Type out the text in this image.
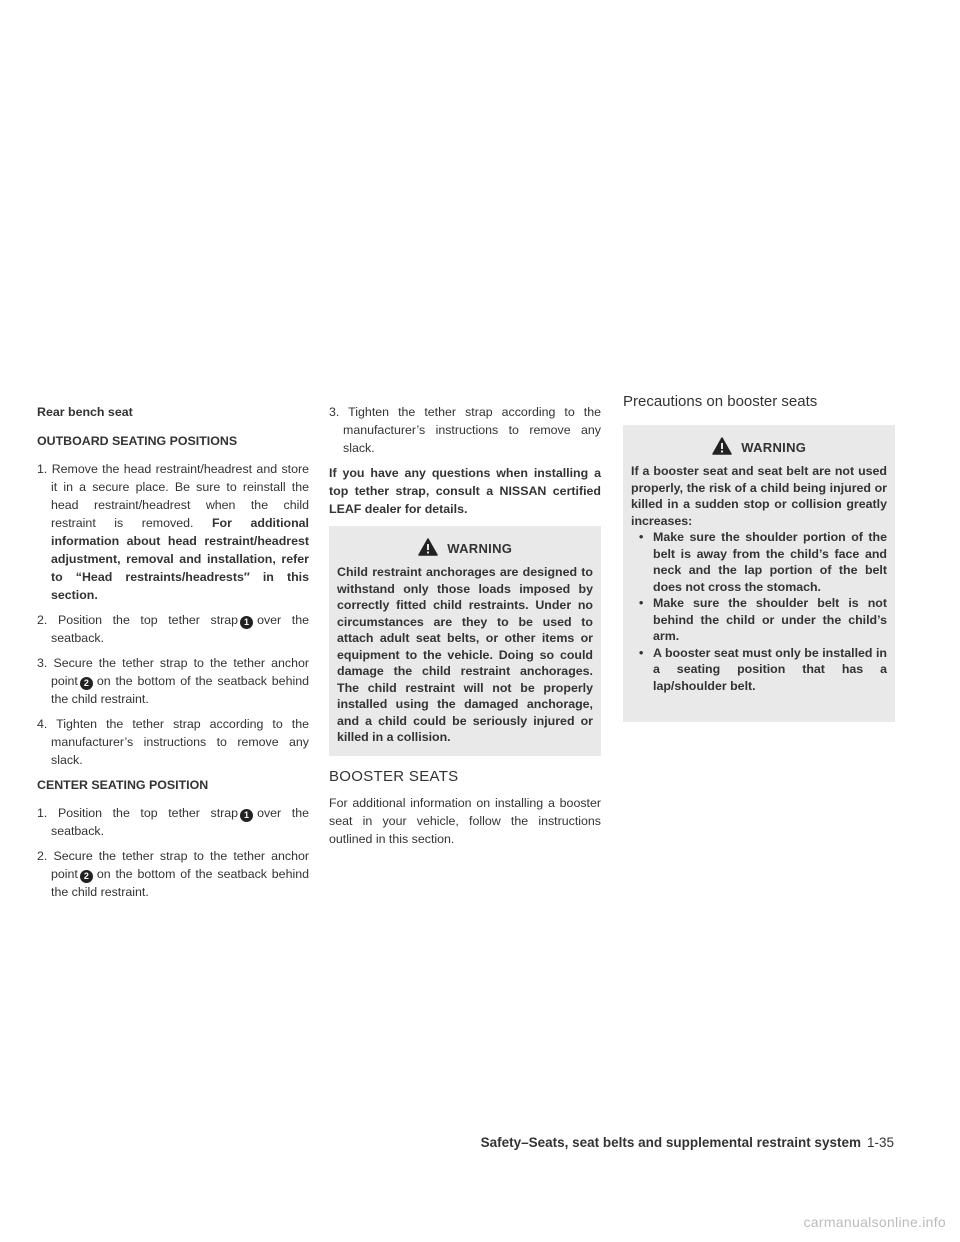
Rear bench seat

OUTBOARD SEATING POSITIONS

1. Remove the head restraint/headrest and store it in a secure place. Be sure to reinstall the head restraint/headrest when the child restraint is removed. For additional information about head restraint/headrest adjustment, removal and installation, refer to “Head restraints/headrests″ in this section.

2. Position the top tether strap 1 over the seatback.

3. Secure the tether strap to the tether anchor point 2 on the bottom of the seatback behind the child restraint.

4. Tighten the tether strap according to the manufacturer’s instructions to remove any slack.

CENTER SEATING POSITION

1. Position the top tether strap 1 over the seatback.

2. Secure the tether strap to the tether anchor point 2 on the bottom of the seatback behind the child restraint.

3. Tighten the tether strap according to the manufacturer’s instructions to remove any slack.

If you have any questions when installing a top tether strap, consult a NISSAN certified LEAF dealer for details.

WARNING
Child restraint anchorages are designed to withstand only those loads imposed by correctly fitted child restraints. Under no circumstances are they to be used to attach adult seat belts, or other items or equipment to the vehicle. Doing so could damage the child restraint anchorages. The child restraint will not be properly installed using the damaged anchorage, and a child could be seriously injured or killed in a collision.
BOOSTER SEATS

For additional information on installing a booster seat in your vehicle, follow the instructions outlined in this section.

Precautions on booster seats
WARNING
If a booster seat and seat belt are not used properly, the risk of a child being injured or killed in a sudden stop or collision greatly increases:
• Make sure the shoulder portion of the belt is away from the child’s face and neck and the lap portion of the belt does not cross the stomach.
• Make sure the shoulder belt is not behind the child or under the child’s arm.
• A booster seat must only be installed in a seating position that has a lap/shoulder belt.
Safety–Seats, seat belts and supplemental restraint system 1-35
carmanualsonline.info
